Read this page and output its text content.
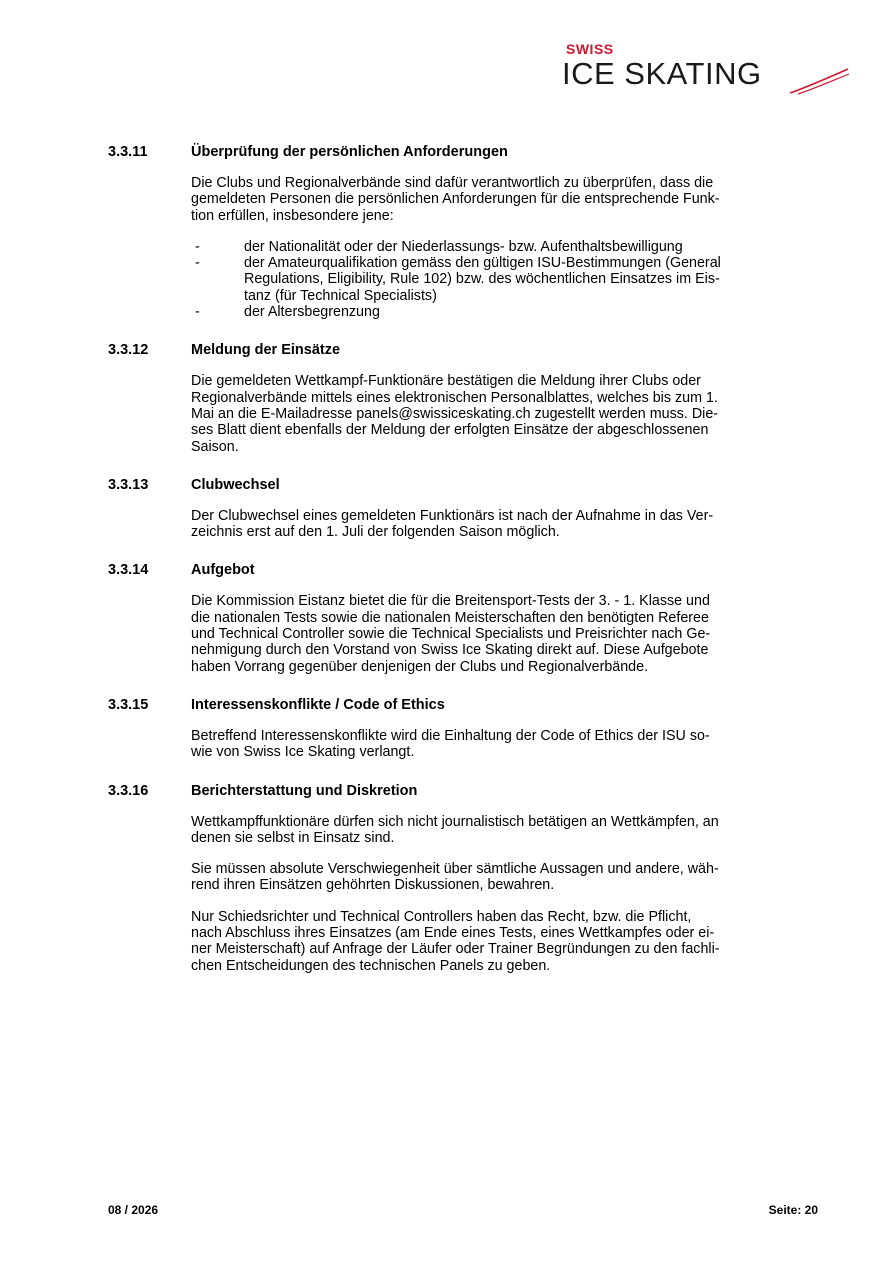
SWISS
ICE SKATING
3.3.11	Überprüfung der persönlichen Anforderungen
Die Clubs und Regionalverbände sind dafür verantwortlich zu überprüfen, dass die
gemeldeten Personen die persönlichen Anforderungen für die entsprechende Funk-
tion erfüllen, insbesondere jene:
-	der Nationalität oder der Niederlassungs- bzw. Aufenthaltsbewilligung
-	der Amateurqualifikation gemäss den gültigen ISU-Bestimmungen (General
Regulations, Eligibility, Rule 102) bzw. des wöchentlichen Einsatzes im Eis-
tanz (für Technical Specialists)
-	der Altersbegrenzung
3.3.12	Meldung der Einsätze
Die gemeldeten Wettkampf-Funktionäre bestätigen die Meldung ihrer Clubs oder
Regionalverbände mittels eines elektronischen Personalblattes, welches bis zum 1.
Mai an die E-Mailadresse panels@swissiceskating.ch zugestellt werden muss. Die-
ses Blatt dient ebenfalls der Meldung der erfolgten Einsätze der abgeschlossenen
Saison.
3.3.13	Clubwechsel
Der Clubwechsel eines gemeldeten Funktionärs ist nach der Aufnahme in das Ver-
zeichnis erst auf den 1. Juli der folgenden Saison möglich.
3.3.14	Aufgebot
Die Kommission Eistanz bietet die für die Breitensport-Tests der 3. - 1. Klasse und
die nationalen Tests sowie die nationalen Meisterschaften den benötigten Referee
und Technical Controller sowie die Technical Specialists und Preisrichter nach Ge-
nehmigung durch den Vorstand von Swiss Ice Skating direkt auf. Diese Aufgebote
haben Vorrang gegenüber denjenigen der Clubs und Regionalverbände.
3.3.15	Interessenskonflikte / Code of Ethics
Betreffend Interessenskonflikte wird die Einhaltung der Code of Ethics der ISU so-
wie von Swiss Ice Skating verlangt.
3.3.16	Berichterstattung und Diskretion
Wettkampffunktionäre dürfen sich nicht journalistisch betätigen an Wettkämpfen, an
denen sie selbst in Einsatz sind.
Sie müssen absolute Verschwiegenheit über sämtliche Aussagen und andere, wäh-
rend ihren Einsätzen gehöhrten Diskussionen, bewahren.
Nur Schiedsrichter und Technical Controllers haben das Recht, bzw. die Pflicht,
nach Abschluss ihres Einsatzes (am Ende eines Tests, eines Wettkampfes oder ei-
ner Meisterschaft) auf Anfrage der Läufer oder Trainer Begründungen zu den fachli-
chen Entscheidungen des technischen Panels zu geben.
08 / 2026	Seite: 20
